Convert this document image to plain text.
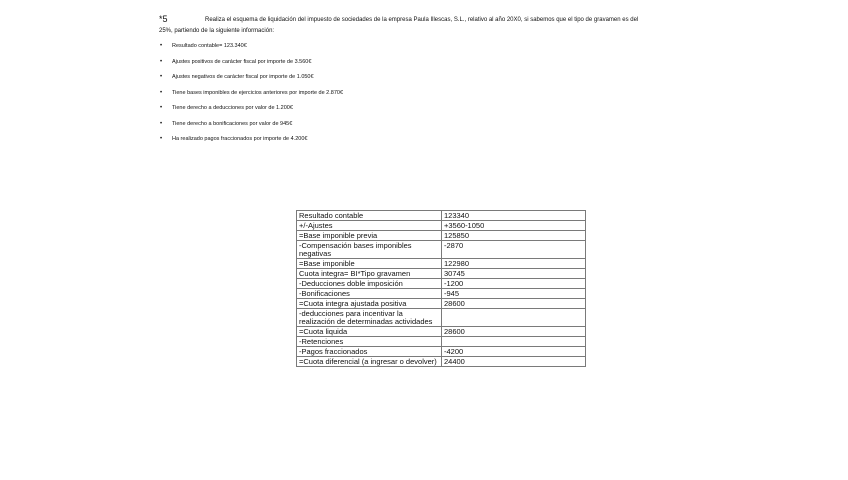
*5	Realiza el esquema de liquidación del impuesto de sociedades de la empresa Paula Illescas, S.L., relativo al año 20X0, si sabemos que el tipo de gravamen es del
25%, partiendo de la siguiente información:
• Resultado contable= 123.340€
• Ajustes positivos de carácter fiscal por importe de 3.560€
• Ajustes negativos de carácter fiscal por importe de 1.050€
• Tiene bases imponibles de ejercicios anteriores por importe de 2.870€
• Tiene derecho a deducciones por valor de 1.200€
• Tiene derecho a bonificaciones por valor de 945€
• Ha realizado pagos fraccionados por importe de 4.200€
Resultado contable	123340
+/-Ajustes	+3560-1050
=Base imponible previa	125850
-Compensación bases imponibles negativas	-2870
=Base imponible	122980
Cuota integra= BI*Tipo gravamen	30745
-Deducciones doble imposición	-1200
-Bonificaciones	-945
=Cuota integra ajustada positiva	28600
-deducciones para incentivar la realización de determinadas actividades	
=Cuota liquida	28600
-Retenciones	
-Pagos fraccionados	-4200
=Cuota diferencial (a ingresar o devolver)	24400
